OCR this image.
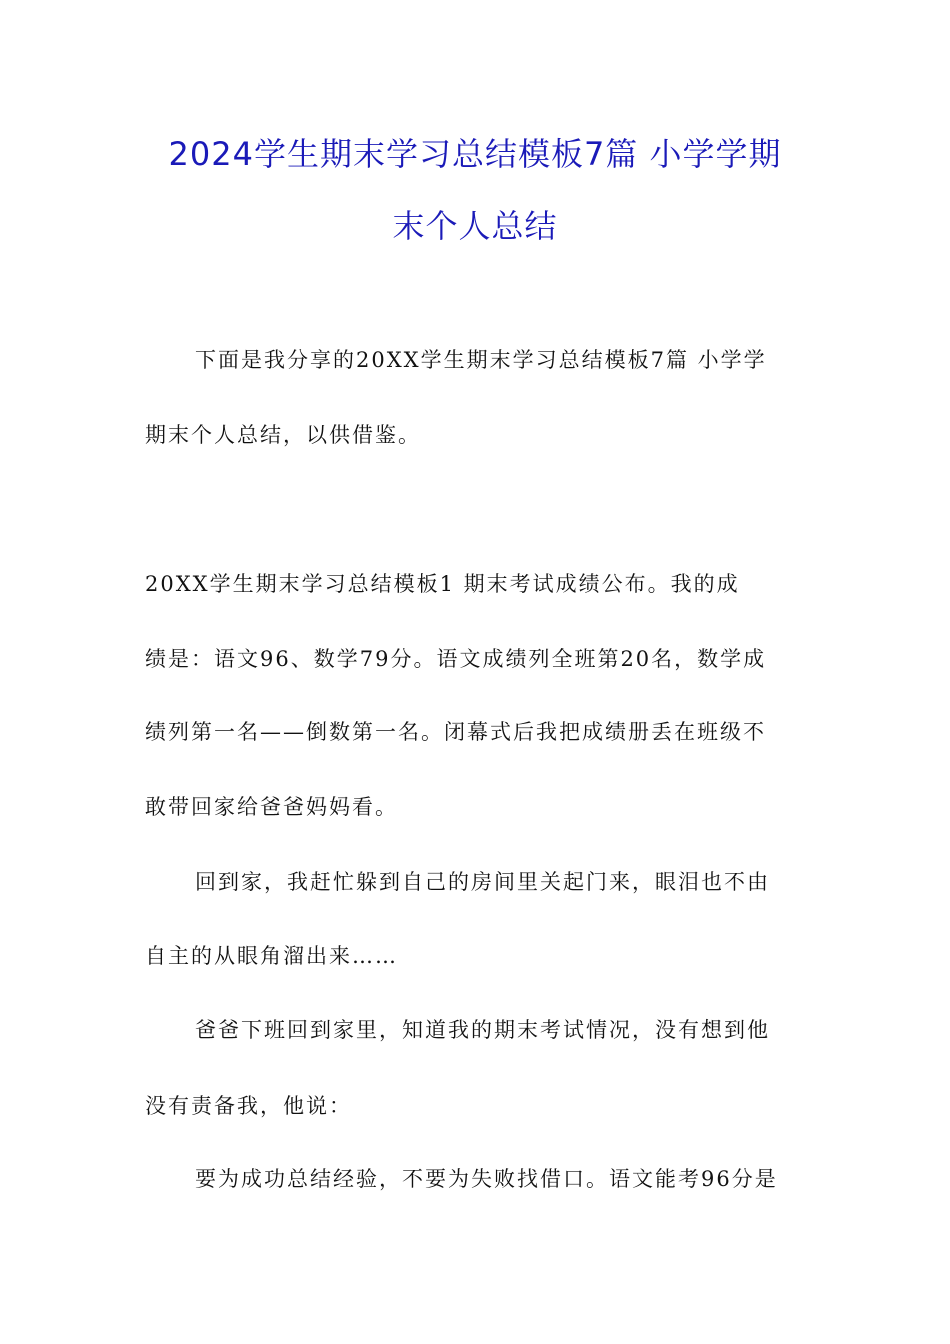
2024学生期末学习总结模板7篇 小学学期
末个人总结
下面是我分享的20XX学生期末学习总结模板7篇 小学学
期末个人总结，以供借鉴。
20XX学生期末学习总结模板1 期末考试成绩公布。我的成
绩是：语文96、数学79分。语文成绩列全班第20名，数学成
绩列第一名——倒数第一名。闭幕式后我把成绩册丢在班级不
敢带回家给爸爸妈妈看。
回到家，我赶忙躲到自己的房间里关起门来，眼泪也不由
自主的从眼角溜出来……
爸爸下班回到家里，知道我的期末考试情况，没有想到他
没有责备我，他说：
要为成功总结经验，不要为失败找借口。语文能考96分是
